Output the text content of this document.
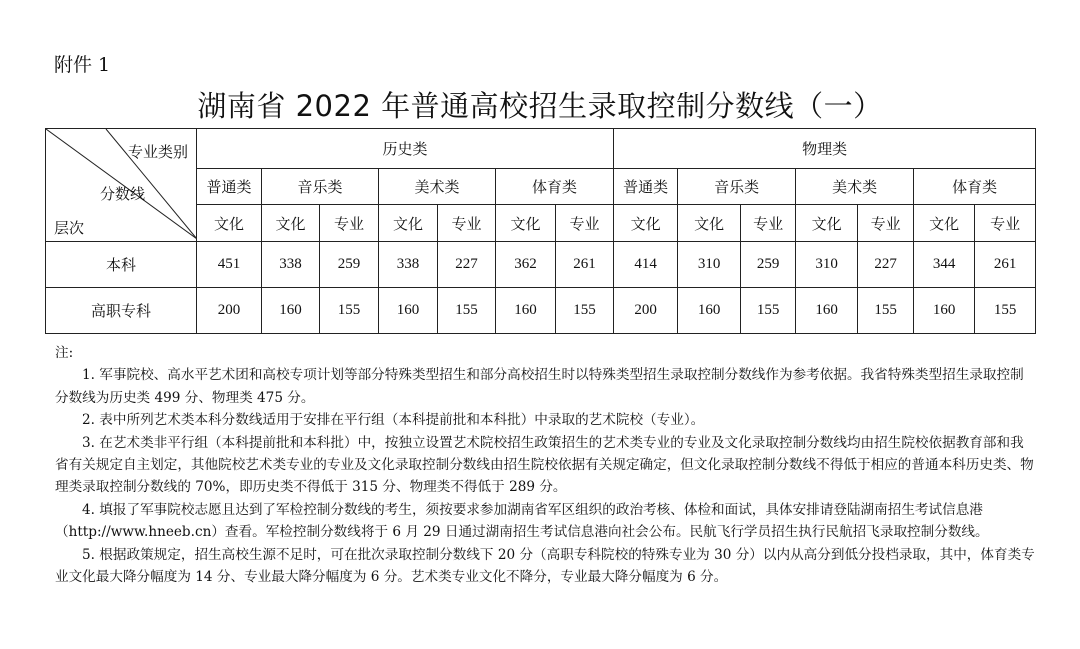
附件 1
湖南省 2022 年普通高校招生录取控制分数线（一）
专业类别
分数线
层次	历史类							物理类						
	普通类	音乐类		美术类		体育类		普通类	音乐类		美术类		体育类	
	文化	文化	专业	文化	专业	文化	专业	文化	文化	专业	文化	专业	文化	专业
本科	451	338	259	338	227	362	261	414	310	259	310	227	344	261
高职专科	200	160	155	160	155	160	155	200	160	155	160	155	160	155

注:

1. 军事院校、高水平艺术团和高校专项计划等部分特殊类型招生和部分高校招生时以特殊类型招生录取控制分数线作为参考依据。我省特殊类型招生录取控制分数线为历史类 499 分、物理类 475 分。

2. 表中所列艺术类本科分数线适用于安排在平行组（本科提前批和本科批）中录取的艺术院校（专业）。

3. 在艺术类非平行组（本科提前批和本科批）中，按独立设置艺术院校招生政策招生的艺术类专业的专业及文化录取控制分数线均由招生院校依据教育部和我省有关规定自主划定，其他院校艺术类专业的专业及文化录取控制分数线由招生院校依据有关规定确定，但文化录取控制分数线不得低于相应的普通本科历史类、物理类录取控制分数线的 70%，即历史类不得低于 315 分、物理类不得低于 289 分。

4. 填报了军事院校志愿且达到了军检控制分数线的考生，须按要求参加湖南省军区组织的政治考核、体检和面试，具体安排请登陆湖南招生考试信息港（http://www.hneeb.cn）查看。军检控制分数线将于 6 月 29 日通过湖南招生考试信息港向社会公布。民航飞行学员招生执行民航招飞录取控制分数线。

5. 根据政策规定，招生高校生源不足时，可在批次录取控制分数线下 20 分（高职专科院校的特殊专业为 30 分）以内从高分到低分投档录取，其中，体育类专业文化最大降分幅度为 14 分、专业最大降分幅度为 6 分。艺术类专业文化不降分，专业最大降分幅度为 6 分。
